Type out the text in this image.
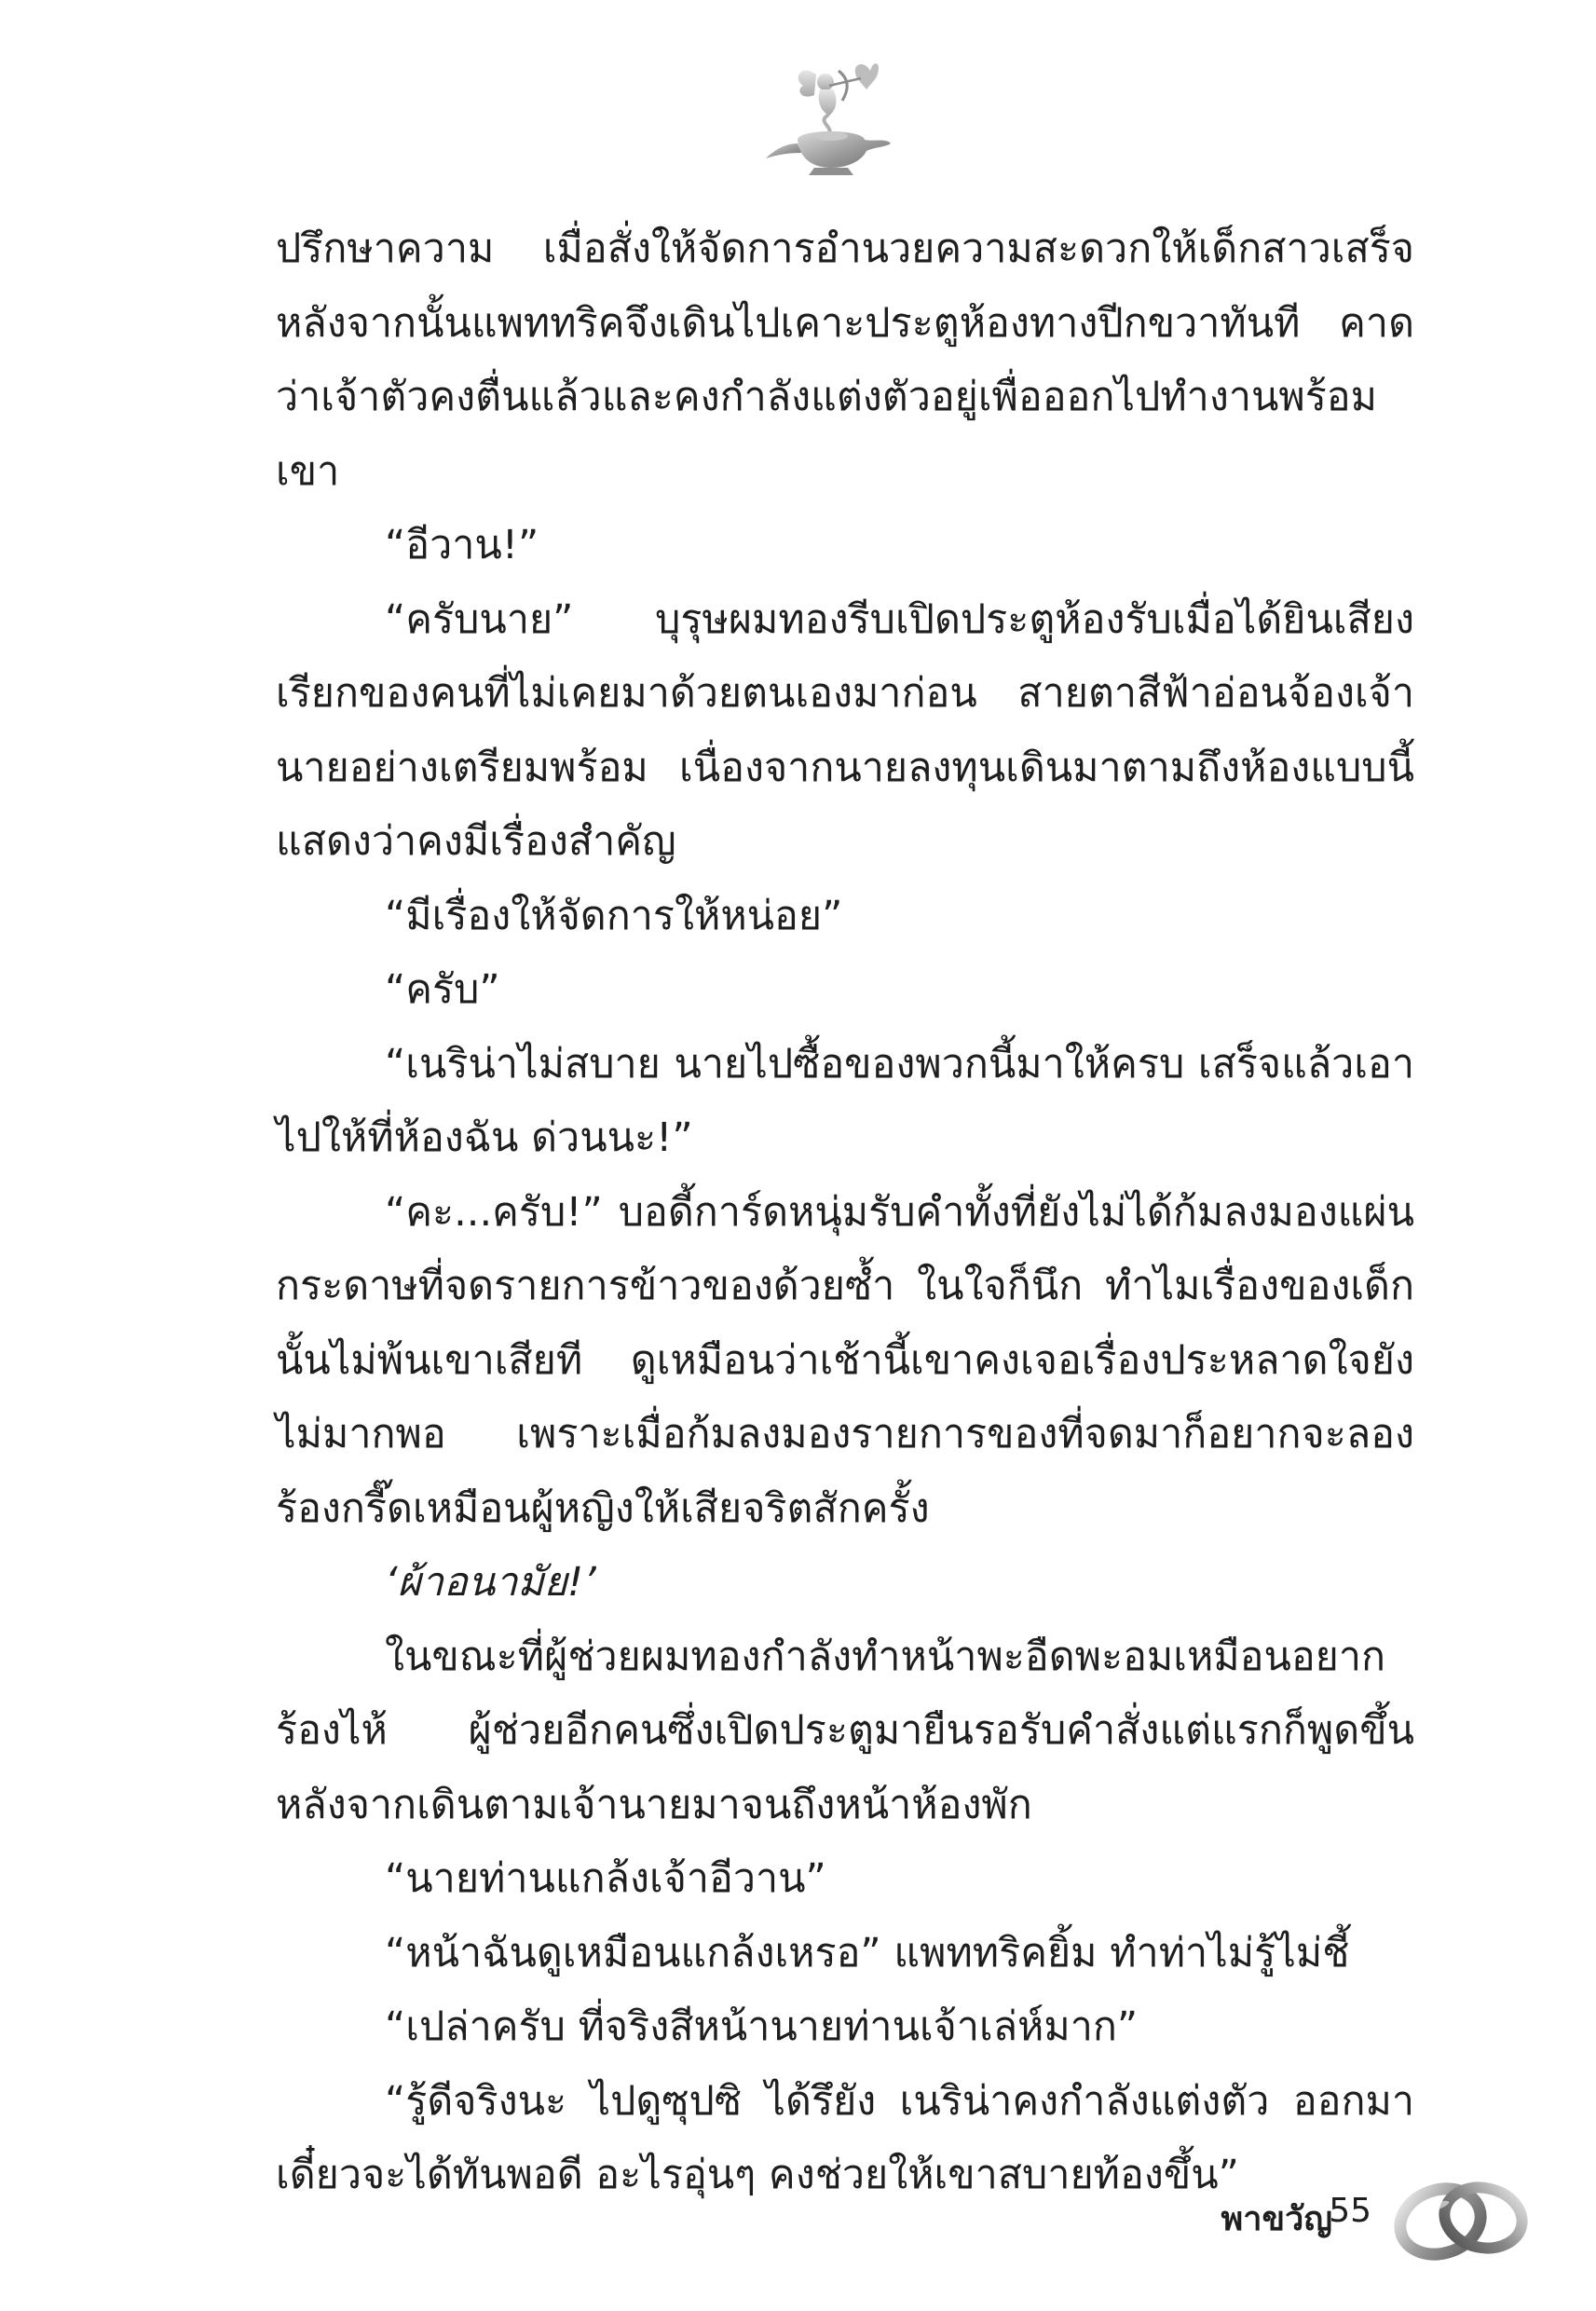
ปรึกษาความ เมื่อสั่งให้จัดการอำนวยความสะดวกให้เด็กสาวเสร็จ หลังจากนั้นแพททริคจึงเดินไปเคาะประตูห้องทางปีกขวาทันที คาดว่าเจ้าตัวคงตื่นแล้วและคงกำลังแต่งตัวอยู่เพื่อออกไปทำงานพร้อมเขา

“อีวาน!”

“ครับนาย” บุรุษผมทองรีบเปิดประตูห้องรับเมื่อได้ยินเสียงเรียกของคนที่ไม่เคยมาด้วยตนเองมาก่อน สายตาสีฟ้าอ่อนจ้องเจ้านายอย่างเตรียมพร้อม เนื่องจากนายลงทุนเดินมาตามถึงห้องแบบนี้แสดงว่าคงมีเรื่องสำคัญ

“มีเรื่องให้จัดการให้หน่อย”

“ครับ”

“เนริน่าไม่สบาย นายไปซื้อของพวกนี้มาให้ครบ เสร็จแล้วเอาไปให้ที่ห้องฉัน ด่วนนะ!”

“คะ...ครับ!” บอดี้การ์ดหนุ่มรับคำทั้งที่ยังไม่ได้ก้มลงมองแผ่นกระดาษที่จดรายการข้าวของด้วยซ้ำ ในใจก็นึก ทำไมเรื่องของเด็กนั้นไม่พ้นเขาเสียที ดูเหมือนว่าเช้านี้เขาคงเจอเรื่องประหลาดใจยังไม่มากพอ เพราะเมื่อก้มลงมองรายการของที่จดมาก็อยากจะลองร้องกรี๊ดเหมือนผู้หญิงให้เสียจริตสักครั้ง

‘ผ้าอนามัย!’

ในขณะที่ผู้ช่วยผมทองกำลังทำหน้าพะอืดพะอมเหมือนอยากร้องไห้ ผู้ช่วยอีกคนซึ่งเปิดประตูมายืนรอรับคำสั่งแต่แรกก็พูดขึ้นหลังจากเดินตามเจ้านายมาจนถึงหน้าห้องพัก

“นายท่านแกล้งเจ้าอีวาน”

“หน้าฉันดูเหมือนแกล้งเหรอ” แพททริคยิ้ม ทำท่าไม่รู้ไม่ชี้

“เปล่าครับ ที่จริงสีหน้านายท่านเจ้าเล่ห์มาก”

“รู้ดีจริงนะ ไปดูซุปซิ ได้รึยัง เนริน่าคงกำลังแต่งตัว ออกมาเดี๋ยวจะได้ทันพอดี อะไรอุ่นๆ คงช่วยให้เขาสบายท้องขึ้น”

พาขวัญ
55
